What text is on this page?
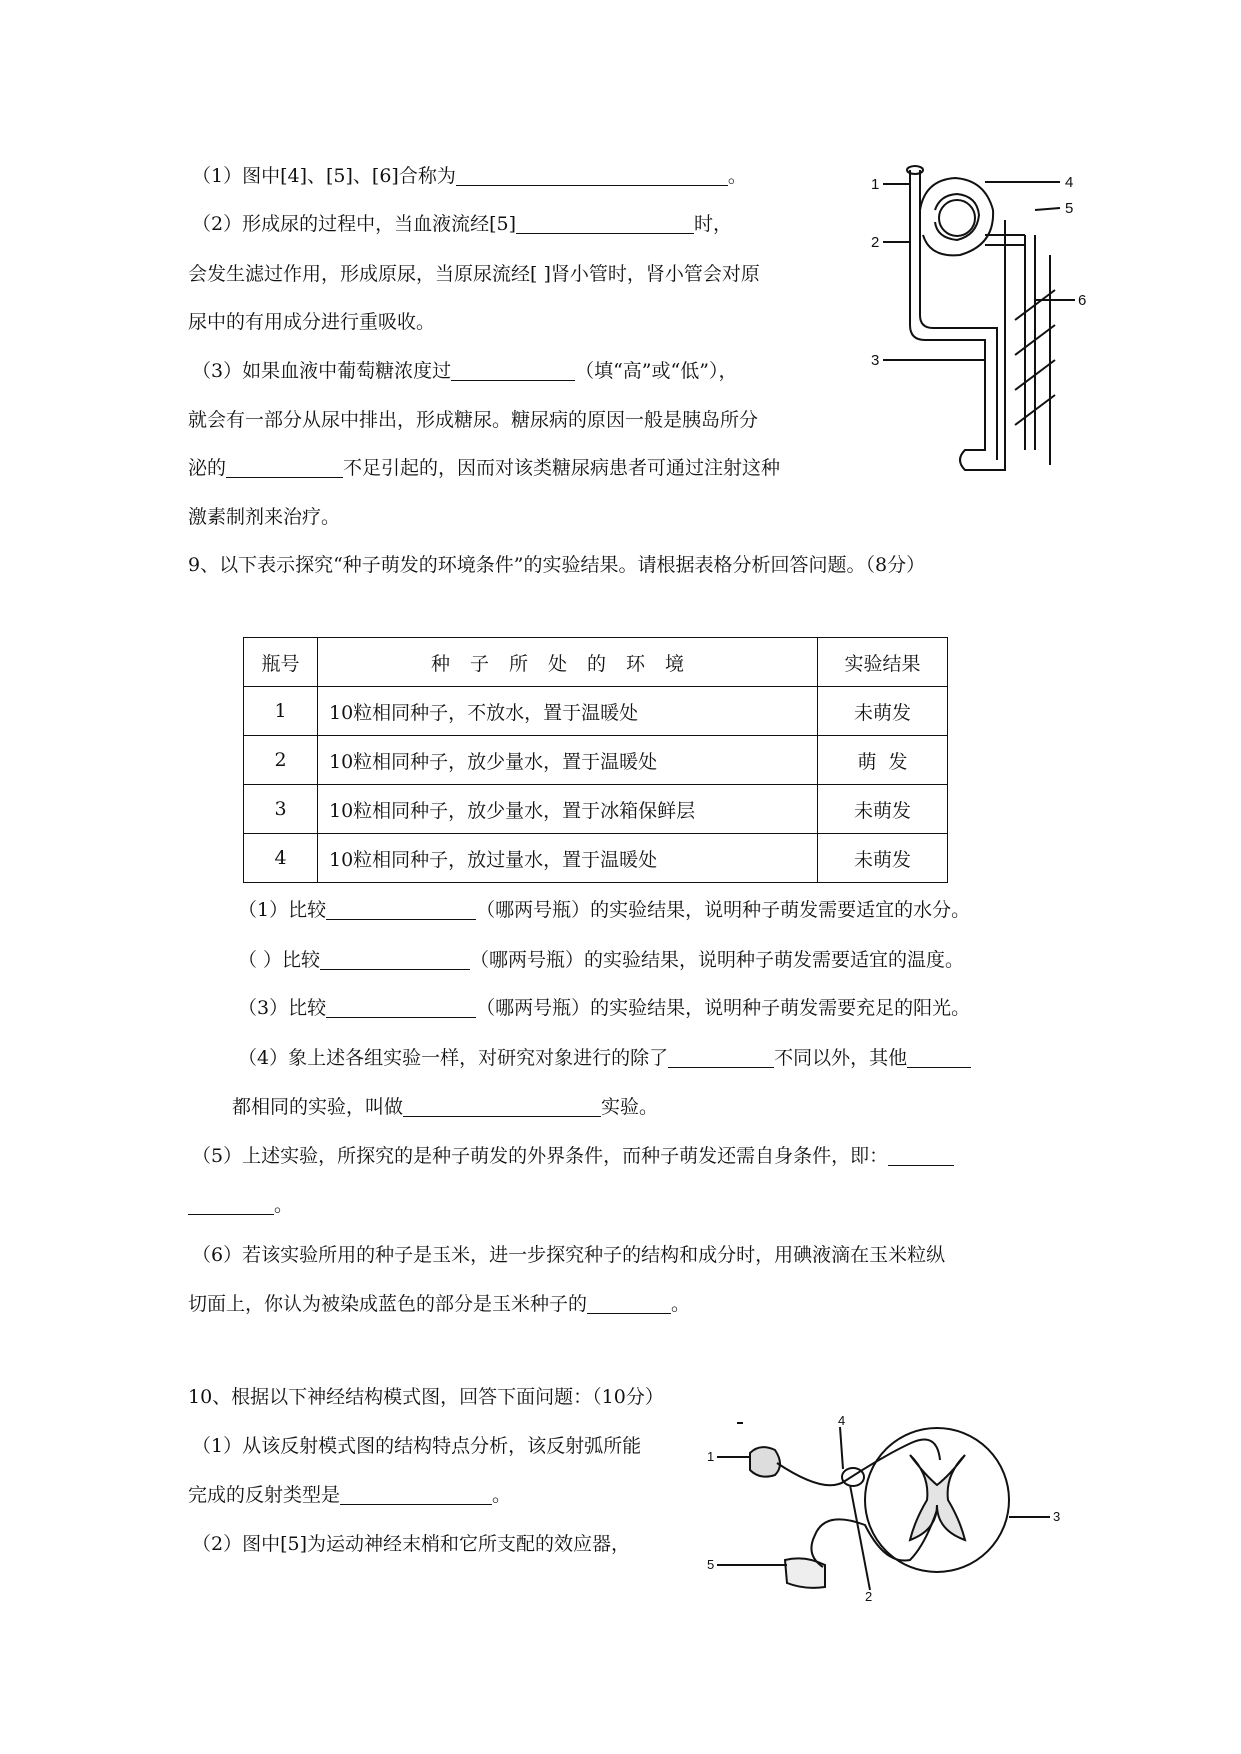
（1）图中[4]、[5]、[6]合称为	。
（2）形成尿的过程中，当血液流经[5]	时，
会发生滤过作用，形成原尿，当原尿流经[ ]肾小管时，肾小管会对原
尿中的有用成分进行重吸收。
（3）如果血液中葡萄糖浓度过	（填“高”或“低”），
就会有一部分从尿中排出，形成糖尿。糖尿病的原因一般是胰岛所分
泌的	不足引起的，因而对该类糖尿病患者可通过注射这种
激素制剂来治疗。
1
2
3
4
5
6
9、以下表示探究“种子萌发的环境条件”的实验结果。请根据表格分析回答问题。（8分）
瓶号	种子所处的环境	实验结果
1	10粒相同种子，不放水，置于温暖处	未萌发
2	10粒相同种子，放少量水，置于温暖处	萌  发
3	10粒相同种子，放少量水，置于冰箱保鲜层	未萌发
4	10粒相同种子，放过量水，置于温暖处	未萌发
（1）比较	（哪两号瓶）的实验结果，说明种子萌发需要适宜的水分。
（ ）比较	（哪两号瓶）的实验结果，说明种子萌发需要适宜的温度。
（3）比较	（哪两号瓶）的实验结果，说明种子萌发需要充足的阳光。
（4）象上述各组实验一样，对研究对象进行的除了	不同以外，其他
都相同的实验，叫做	实验。
（5）上述实验，所探究的是种子萌发的外界条件，而种子萌发还需自身条件，即：
。
（6）若该实验所用的种子是玉米，进一步探究种子的结构和成分时，用碘液滴在玉米粒纵
切面上，你认为被染成蓝色的部分是玉米种子的	。
10、根据以下神经结构模式图，回答下面问题：（10分）
（1）从该反射模式图的结构特点分析，该反射弧所能
完成的反射类型是	。
（2）图中[5]为运动神经末梢和它所支配的效应器，
1
2
3
4
5
